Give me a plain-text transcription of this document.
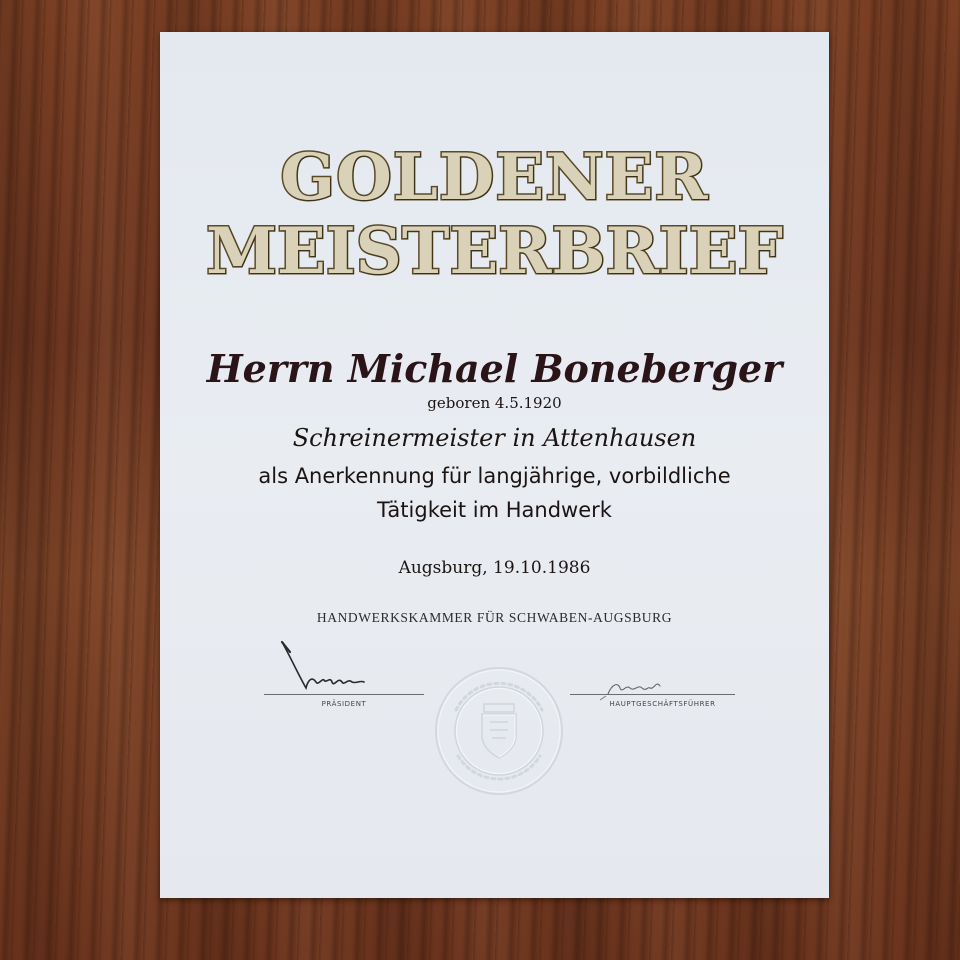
GOLDENER
MEISTERBRIEF
Herrn Michael Boneberger
geboren 4.5.1920
Schreinermeister in Attenhausen
als Anerkennung für langjährige, vorbildliche
Tätigkeit im Handwerk
Augsburg, 19.10.1986
HANDWERKSKAMMER FÜR SCHWABEN-AUGSBURG
PRÄSIDENT	HAUPTGESCHÄFTSFÜHRER
